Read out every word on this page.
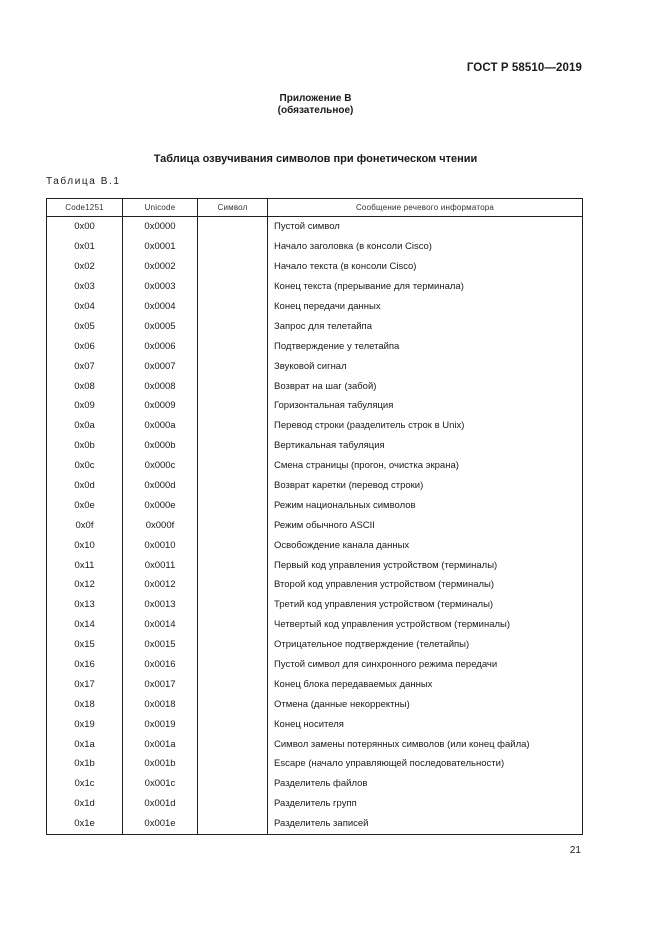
ГОСТ Р 58510—2019
Приложение В
(обязательное)
Таблица озвучивания символов при фонетическом чтении
Таблица В.1
Code1251	Unicode	Символ	Сообщение речевого информатора
0x00	0x0000		Пустой символ
0x01	0x0001		Начало заголовка (в консоли Cisco)
0x02	0x0002		Начало текста (в консоли Cisco)
0x03	0x0003		Конец текста (прерывание для терминала)
0x04	0x0004		Конец передачи данных
0x05	0x0005		Запрос для телетайпа
0x06	0x0006		Подтверждение у телетайпа
0x07	0x0007		Звуковой сигнал
0x08	0x0008		Возврат на шаг (забой)
0x09	0x0009		Горизонтальная табуляция
0x0a	0x000a		Перевод строки (разделитель строк в Unix)
0x0b	0x000b		Вертикальная табуляция
0x0c	0x000c		Смена страницы (прогон, очистка экрана)
0x0d	0x000d		Возврат каретки (перевод строки)
0x0e	0x000e		Режим национальных символов
0x0f	0x000f		Режим обычного ASCII
0x10	0x0010		Освобождение канала данных
0x11	0x0011		Первый код управления устройством (терминалы)
0x12	0x0012		Второй код управления устройством (терминалы)
0x13	0x0013		Третий код управления устройством (терминалы)
0x14	0x0014		Четвертый код управления устройством (терминалы)
0x15	0x0015		Отрицательное подтверждение (телетайпы)
0x16	0x0016		Пустой символ для синхронного режима передачи
0x17	0x0017		Конец блока передаваемых данных
0x18	0x0018		Отмена (данные некорректны)
0x19	0x0019		Конец носителя
0x1a	0x001a		Символ замены потерянных символов (или конец файла)
0x1b	0x001b		Escape (начало управляющей последовательности)
0x1c	0x001c		Разделитель файлов
0x1d	0x001d		Разделитель групп
0x1e	0x001e		Разделитель записей
21
